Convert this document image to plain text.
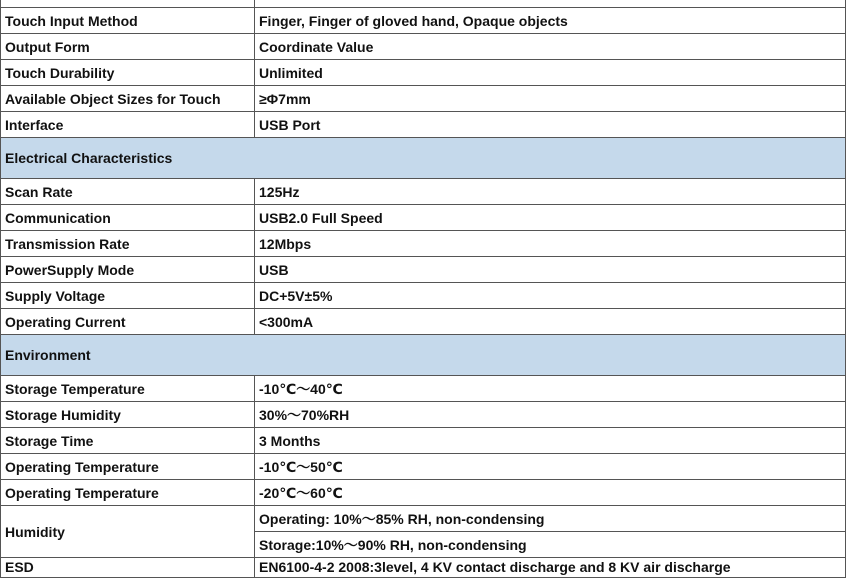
Touch Input Method	Finger, Finger of gloved hand, Opaque objects
Output Form	Coordinate Value
Touch Durability	Unlimited
Available Object Sizes for Touch	≥Φ7mm
Interface	USB Port
Electrical Characteristics	
Scan Rate	125Hz
Communication	USB2.0 Full Speed
Transmission Rate	12Mbps
PowerSupply Mode	USB
Supply Voltage	DC+5V±5%
Operating Current	<300mA
Environment	
Storage Temperature	-10℃～40℃
Storage Humidity	30%～70%RH
Storage Time	3 Months
Operating Temperature	-10℃～50℃
Operating Temperature	-20℃～60℃
Humidity	Operating: 10%～85% RH, non-condensing
	Storage:10%～90% RH, non-condensing
ESD	EN6100-4-2 2008:3level, 4 KV contact discharge and 8 KV air discharge
